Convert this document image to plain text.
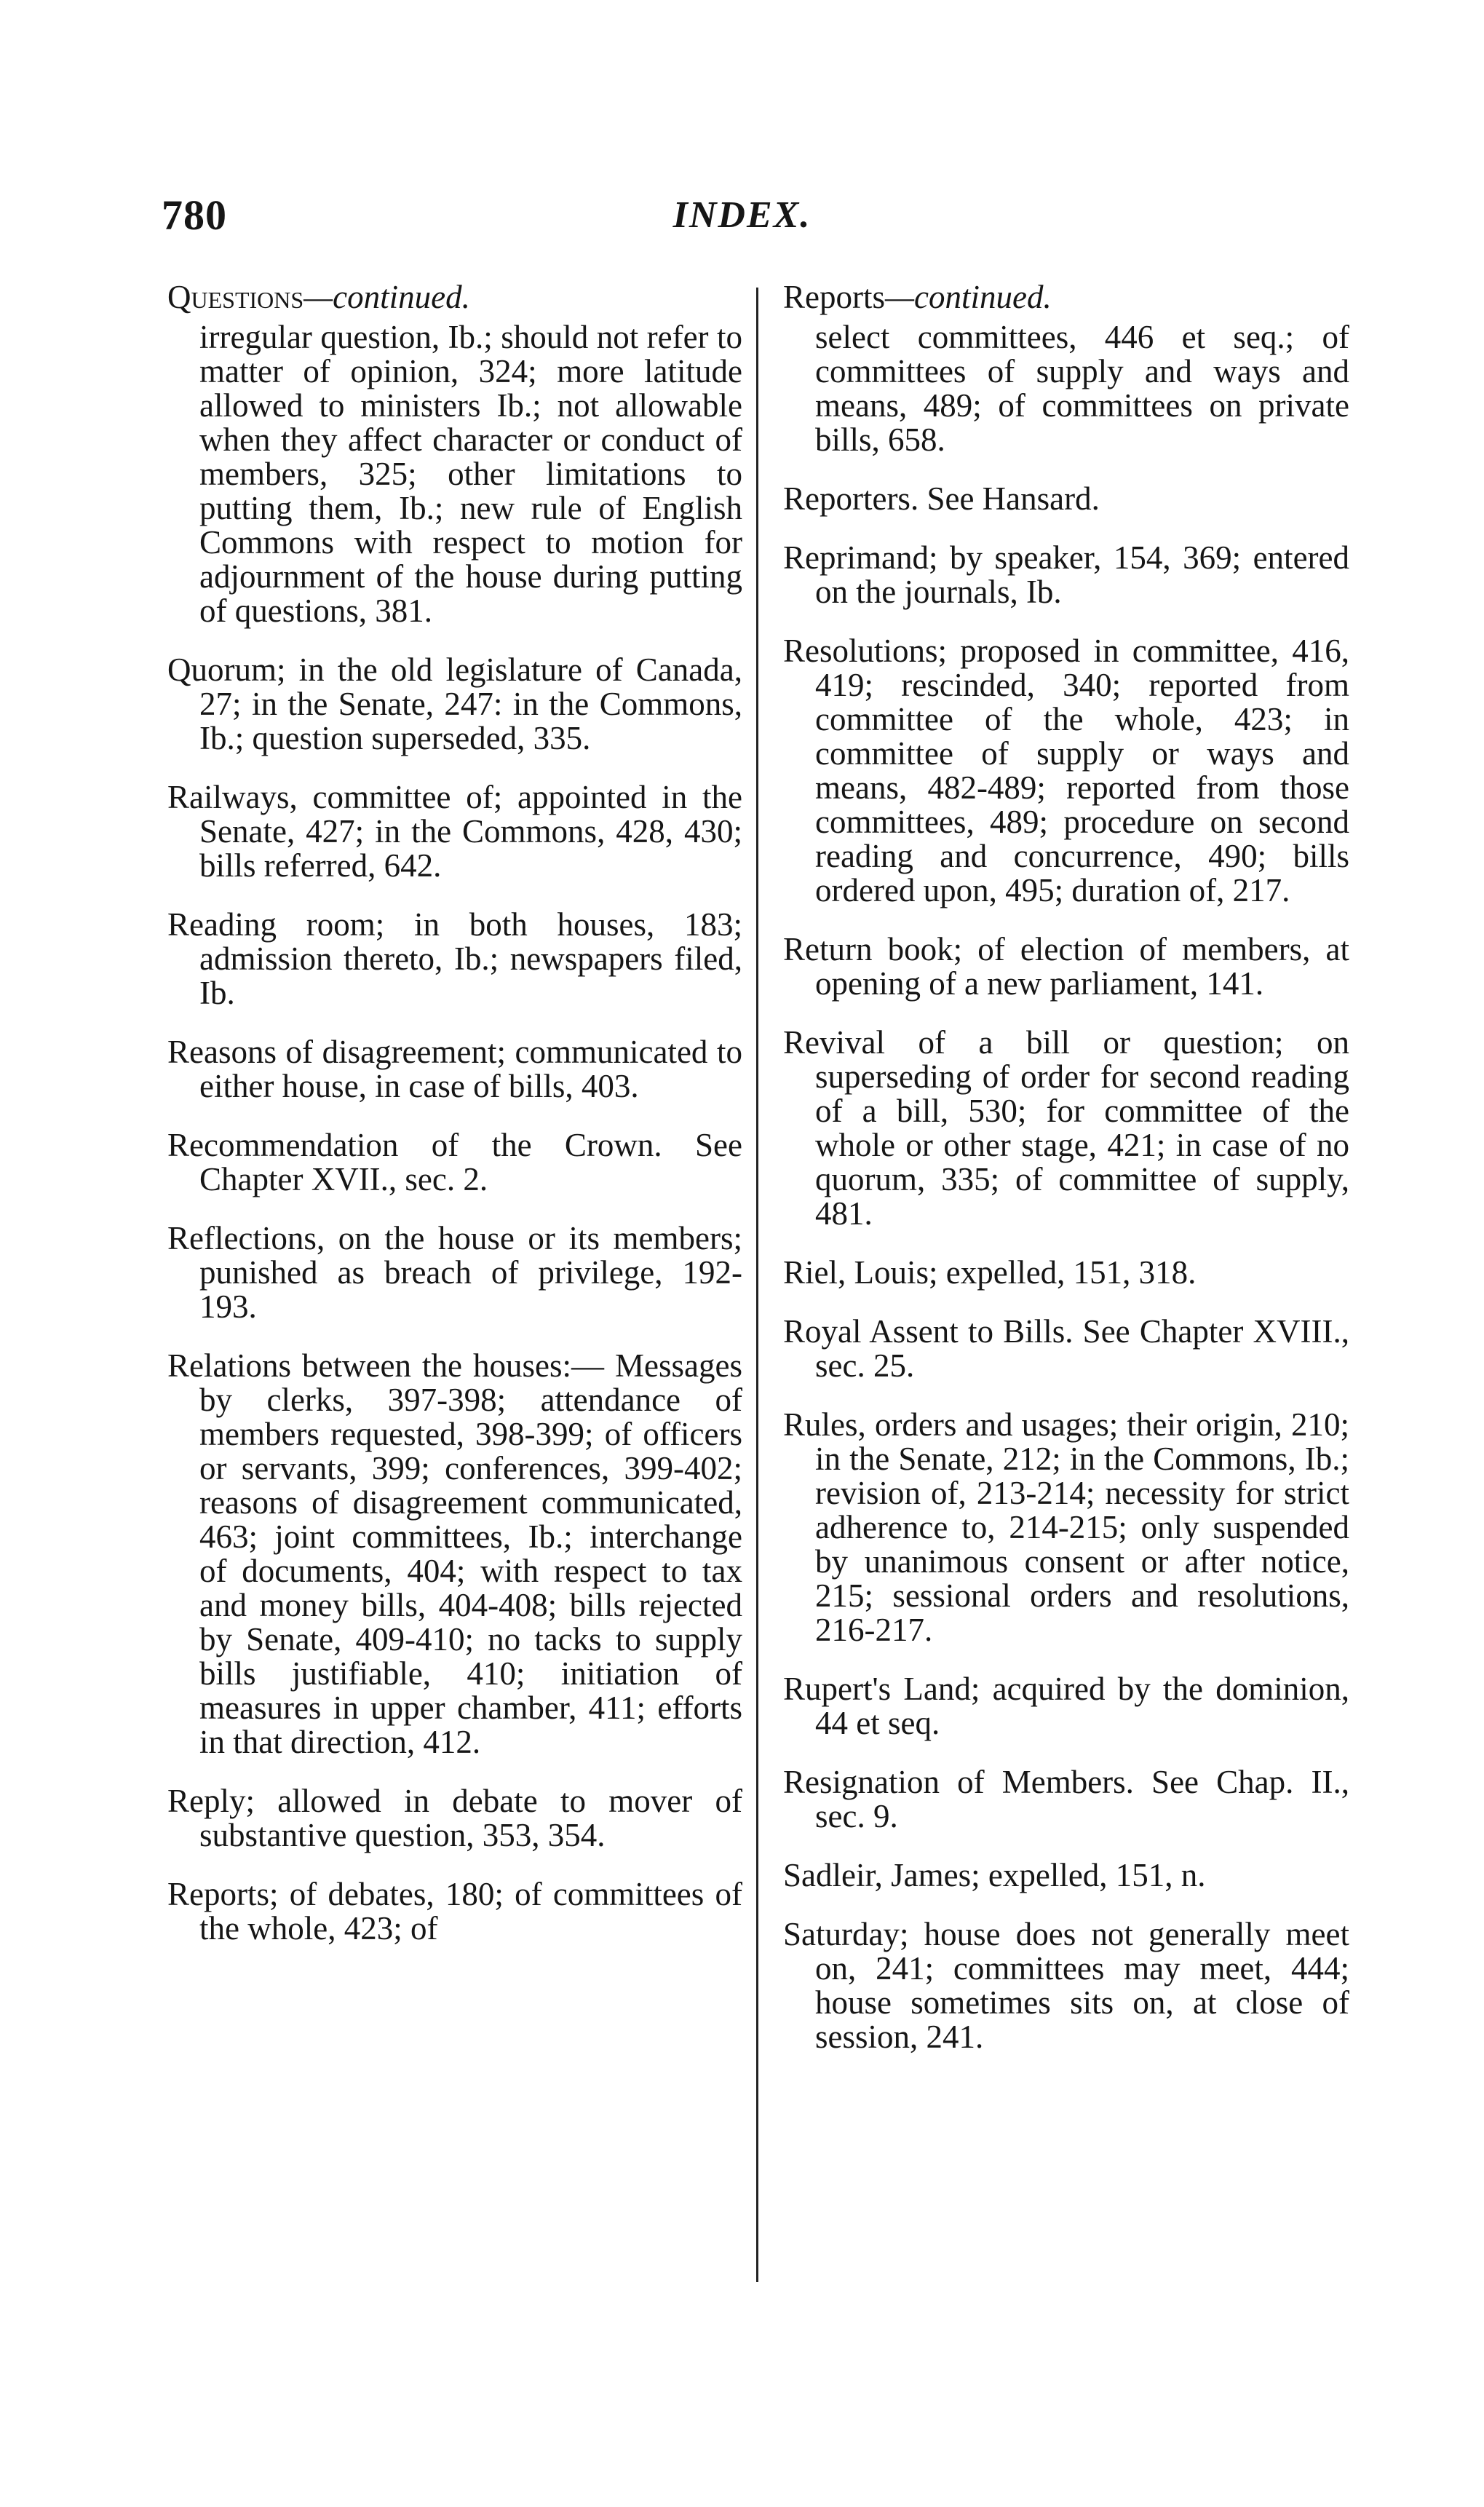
780	INDEX.
Questions—continued.

irregular question, Ib.; should not refer to matter of opinion, 324; more latitude allowed to ministers Ib.; not allowable when they affect character or conduct of members, 325; other limitations to putting them, Ib.; new rule of English Commons with respect to motion for adjournment of the house during putting of questions, 381.

Quorum; in the old legislature of Canada, 27; in the Senate, 247: in the Commons, Ib.; question superseded, 335.

Railways, committee of; appointed in the Senate, 427; in the Commons, 428, 430; bills referred, 642.

Reading room; in both houses, 183; admission thereto, Ib.; newspapers filed, Ib.

Reasons of disagreement; communicated to either house, in case of bills, 403.

Recommendation of the Crown. See Chapter XVII., sec. 2.

Reflections, on the house or its members; punished as breach of privilege, 192-193.

Relations between the houses:— Messages by clerks, 397-398; attendance of members requested, 398-399; of officers or servants, 399; conferences, 399-402; reasons of disagreement communicated, 463; joint committees, Ib.; interchange of documents, 404; with respect to tax and money bills, 404-408; bills rejected by Senate, 409-410; no tacks to supply bills justifiable, 410; initiation of measures in upper chamber, 411; efforts in that direction, 412.

Reply; allowed in debate to mover of substantive question, 353, 354.

Reports; of debates, 180; of committees of the whole, 423; of

Reports—continued.

select committees, 446 et seq.; of committees of supply and ways and means, 489; of committees on private bills, 658.

Reporters. See Hansard.

Reprimand; by speaker, 154, 369; entered on the journals, Ib.

Resolutions; proposed in committee, 416, 419; rescinded, 340; reported from committee of the whole, 423; in committee of supply or ways and means, 482-489; reported from those committees, 489; procedure on second reading and concurrence, 490; bills ordered upon, 495; duration of, 217.

Return book; of election of members, at opening of a new parliament, 141.

Revival of a bill or question; on superseding of order for second reading of a bill, 530; for committee of the whole or other stage, 421; in case of no quorum, 335; of committee of supply, 481.

Riel, Louis; expelled, 151, 318.

Royal Assent to Bills. See Chapter XVIII., sec. 25.

Rules, orders and usages; their origin, 210; in the Senate, 212; in the Commons, Ib.; revision of, 213-214; necessity for strict adherence to, 214-215; only suspended by unanimous consent or after notice, 215; sessional orders and resolutions, 216-217.

Rupert's Land; acquired by the dominion, 44 et seq.

Resignation of Members. See Chap. II., sec. 9.

Sadleir, James; expelled, 151, n.

Saturday; house does not generally meet on, 241; committees may meet, 444; house sometimes sits on, at close of session, 241.
